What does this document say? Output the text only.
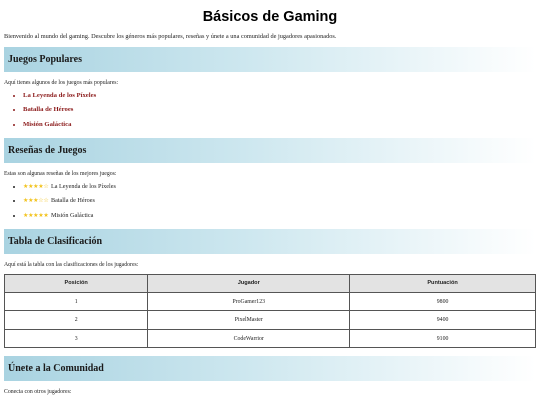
Básicos de Gaming

Bienvenido al mundo del gaming. Descubre los géneros más populares, reseñas y únete a una comunidad de jugadores apasionados.

Juegos Populares

Aquí tienes algunos de los juegos más populares:

• La Leyenda de los Píxeles
• Batalla de Héroes
• Misión Galáctica
Reseñas de Juegos

Estas son algunas reseñas de los mejores juegos:

• ★★★★☆ La Leyenda de los Píxeles
• ★★★☆☆ Batalla de Héroes
• ★★★★★ Misión Galáctica
Tabla de Clasificación

Aquí está la tabla con las clasificaciones de los jugadores:

Posición	Jugador	Puntuación
1	ProGamer123	9800
2	PixelMaster	9400
3	CodeWarrior	9100
Únete a la Comunidad

Conecta con otros jugadores:
